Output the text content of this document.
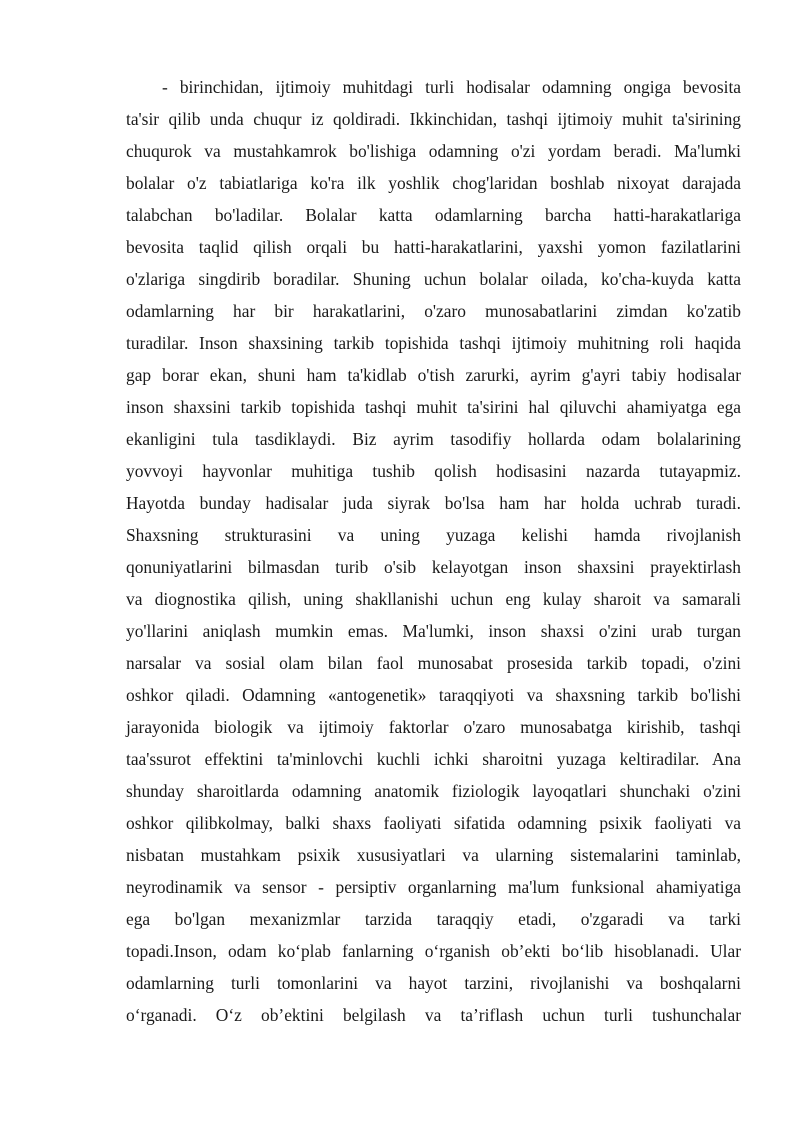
- birinchidan, ijtimoiy muhitdagi turli hodisalar odamning ongiga bevosita

ta'sir qilib unda chuqur iz qoldiradi. Ikkinchidan, tashqi ijtimoiy muhit ta'sirining

chuqurok va mustahkamrok bo'lishiga odamning o'zi yordam beradi. Ma'lumki

bolalar o'z tabiatlariga ko'ra ilk yoshlik chog'laridan boshlab nixoyat darajada

talabchan bo'ladilar. Bolalar katta odamlarning barcha hatti-harakatlariga

bevosita taqlid qilish orqali bu hatti-harakatlarini, yaxshi yomon fazilatlarini

o'zlariga singdirib boradilar. Shuning uchun bolalar oilada, ko'cha-kuyda katta

odamlarning har bir harakatlarini, o'zaro munosabatlarini zimdan ko'zatib

turadilar. Inson shaxsining tarkib topishida tashqi ijtimoiy muhitning roli haqida

gap borar ekan, shuni ham ta'kidlab o'tish zarurki, ayrim g'ayri tabiy hodisalar

inson shaxsini tarkib topishida tashqi muhit ta'sirini hal qiluvchi ahamiyatga ega

ekanligini tula tasdiklaydi. Biz ayrim tasodifiy hollarda odam bolalarining

yovvoyi hayvonlar muhitiga tushib qolish hodisasini nazarda tutayapmiz.

Hayotda bunday hadisalar juda siyrak bo'lsa ham har holda uchrab turadi.

Shaxsning strukturasini va uning yuzaga kelishi hamda rivojlanish

qonuniyatlarini bilmasdan turib o'sib kelayotgan inson shaxsini prayektirlash

va diognostika qilish, uning shakllanishi uchun eng kulay sharoit va samarali

yo'llarini aniqlash mumkin emas. Ma'lumki, inson shaxsi o'zini urab turgan

narsalar va sosial olam bilan faol munosabat prosesida tarkib topadi, o'zini

oshkor qiladi. Odamning «antogenetik» taraqqiyoti va shaxsning tarkib bo'lishi

jarayonida biologik va ijtimoiy faktorlar o'zaro munosabatga kirishib, tashqi

taa'ssurot effektini ta'minlovchi kuchli ichki sharoitni yuzaga keltiradilar. Ana

shunday sharoitlarda odamning anatomik fiziologik layoqatlari shunchaki o'zini

oshkor qilibkolmay, balki shaxs faoliyati sifatida odamning psixik faoliyati va

nisbatan mustahkam psixik xususiyatlari va ularning sistemalarini taminlab,

neyrodinamik va sensor - persiptiv organlarning ma'lum funksional ahamiyatiga

ega bo'lgan mexanizmlar tarzida taraqqiy etadi, o'zgaradi va tarki

topadi.Inson, odam ko‘plab fanlarning o‘rganish ob’ekti bo‘lib hisoblanadi. Ular

odamlarning turli tomonlarini va hayot tarzini, rivojlanishi va boshqalarni

o‘rganadi. O‘z ob’ektini belgilash va ta’riflash uchun turli tushunchalar
